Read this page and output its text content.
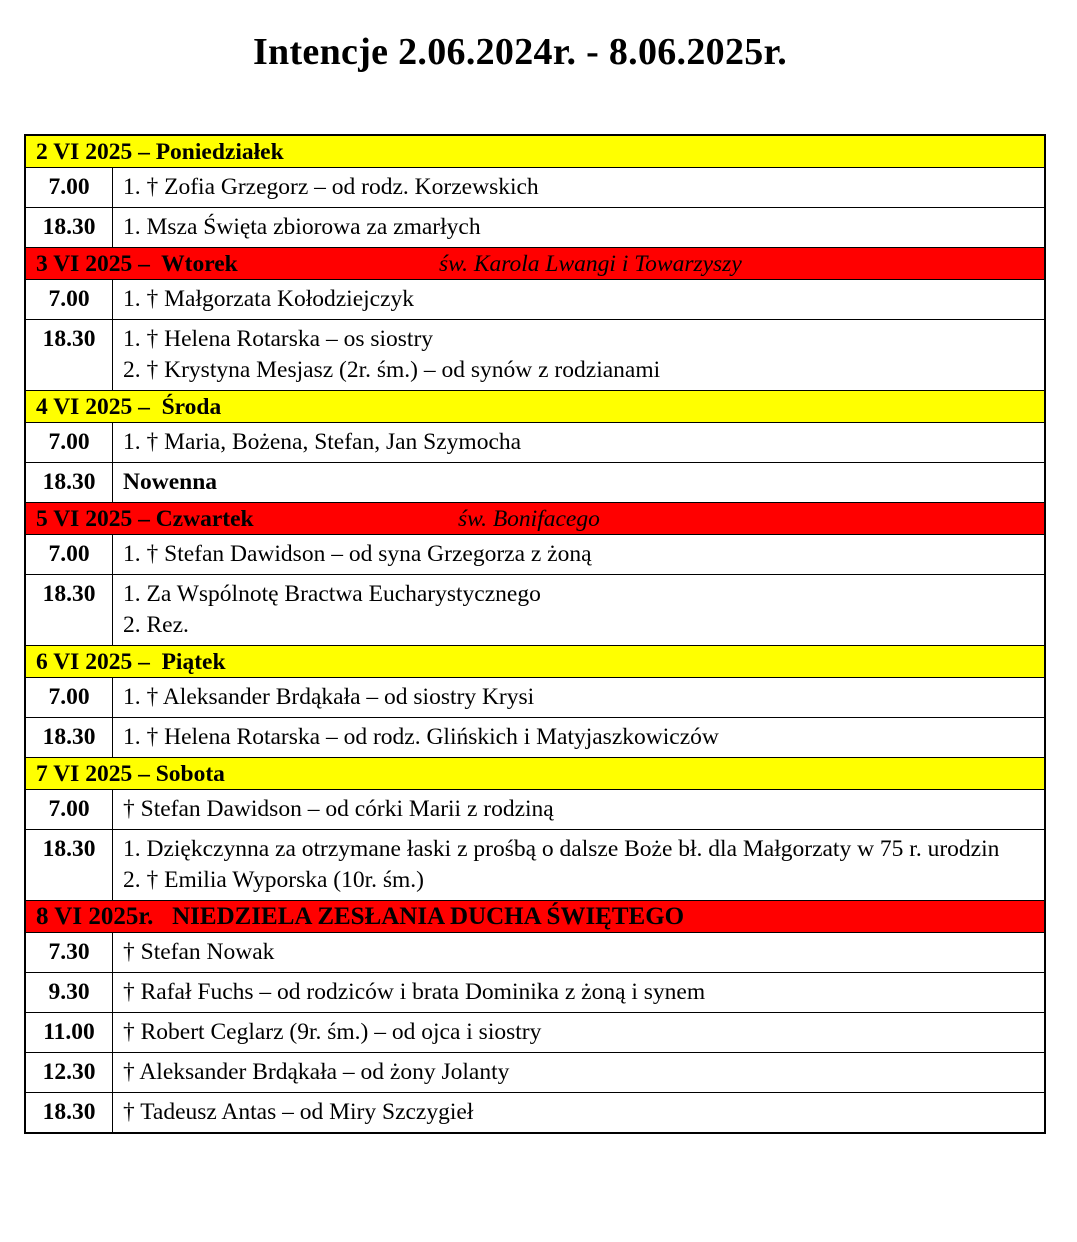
Intencje 2.06.2024r. - 8.06.2025r.
2 VI 2025 – Poniedziałek	
7.00	1. † Zofia Grzegorz – od rodz. Korzewskich

18.30	1. Msza Święta zbiorowa za zmarłych

3 VI 2025 –  Wtorek św. Karola Lwangi i Towarzyszy	

7.00	1. † Małgorzata Kołodziejczyk

18.30	1. † Helena Rotarska – os siostry
2. † Krystyna Mesjasz (2r. śm.) – od synów z rodzianami

4 VI 2025 –  Środa	
7.00	1. † Maria, Bożena, Stefan, Jan Szymocha

18.30	Nowenna

5 VI 2025 – Czwartek św. Bonifacego	

7.00	1. † Stefan Dawidson – od syna Grzegorza z żoną

18.30	1. Za Wspólnotę Bractwa Eucharystycznego
2. Rez.

6 VI 2025 –  Piątek	
7.00	1. † Aleksander Brdąkała – od siostry Krysi

18.30	1. † Helena Rotarska – od rodz. Glińskich i Matyjaszkowiczów

7 VI 2025 – Sobota	
7.00	† Stefan Dawidson – od córki Marii z rodziną

18.30	1. Dziękczynna za otrzymane łaski z prośbą o dalsze Boże bł. dla Małgorzaty w 75 r. urodzin
2. † Emilia Wyporska (10r. śm.)

8 VI 2025r.   NIEDZIELA ZESŁANIA DUCHA ŚWIĘTEGO	
7.30	† Stefan Nowak

9.30	† Rafał Fuchs – od rodziców i brata Dominika z żoną i synem

11.00	† Robert Ceglarz (9r. śm.) – od ojca i siostry

12.30	† Aleksander Brdąkała – od żony Jolanty

18.30	† Tadeusz Antas – od Miry Szczygieł
